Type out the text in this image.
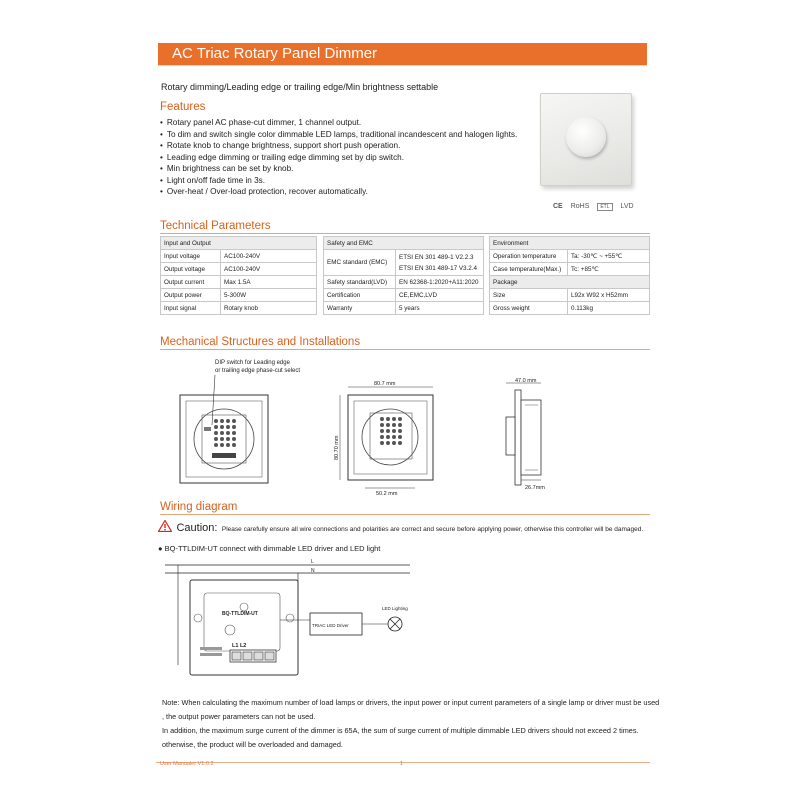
AC Triac Rotary Panel Dimmer
Rotary dimming/Leading edge or trailing edge/Min brightness settable
Features
• Rotary panel AC phase-cut dimmer, 1 channel output.
• To dim and switch single color dimmable LED lamps, traditional incandescent and halogen lights.
• Rotate knob to change brightness, support short push operation.
• Leading edge dimming or trailing edge dimming set by dip switch.
• Min brightness can be set by knob.
• Light on/off fade time in 3s.
• Over-heat / Over-load protection, recover automatically.
CE RoHS ETL LVD
Technical Parameters
Input and Output	
Input voltage	AC100-240V
Output voltage	AC100-240V
Output current	Max 1.5A
Output power	5-300W
Input signal	Rotary knob
Safety and EMC	
EMC standard (EMC)	ETSI EN 301 489-1 V2.2.3
ETSI EN 301 489-17 V3.2.4

Safety standard(LVD)	EN 62368-1:2020+A11:2020
Certification	CE,EMC,LVD
Warranty	5 years
Environment	
Operation temperature	Ta: -30℃ ~ +55℃
Case temperature(Max.)	Tc: +85℃
Package	
Size	L92x W92 x H52mm
Gross weight	0.113kg
Mechanical Structures and Installations
DIP switch for Leading edge
or trailing edge phase-cut select
80.7 mm
80.70 mm
50.2 mm
47.0 mm
26.7mm
Wiring diagram
Caution: Please carefully ensure all wire connections and polarities are correct and secure before applying power, otherwise this controller will be damaged.
● BQ-TTLDIM-UT connect with dimmable LED driver and LED light
L
N
BQ-TTLDIM-UT
L1 L2
TRIAC LED Driver
LED Lighting
Note: When calculating the maximum number of load lamps or drivers, the input power or input current parameters of a single lamp or driver must be used
, the output power parameters can not be used.
In addition, the maximum surge current of the dimmer is 65A, the sum of surge current of multiple dimmable LED drivers should not exceed 2 times.
otherwise, the product will be overloaded and damaged.
User Manualer V1.0.2	1
